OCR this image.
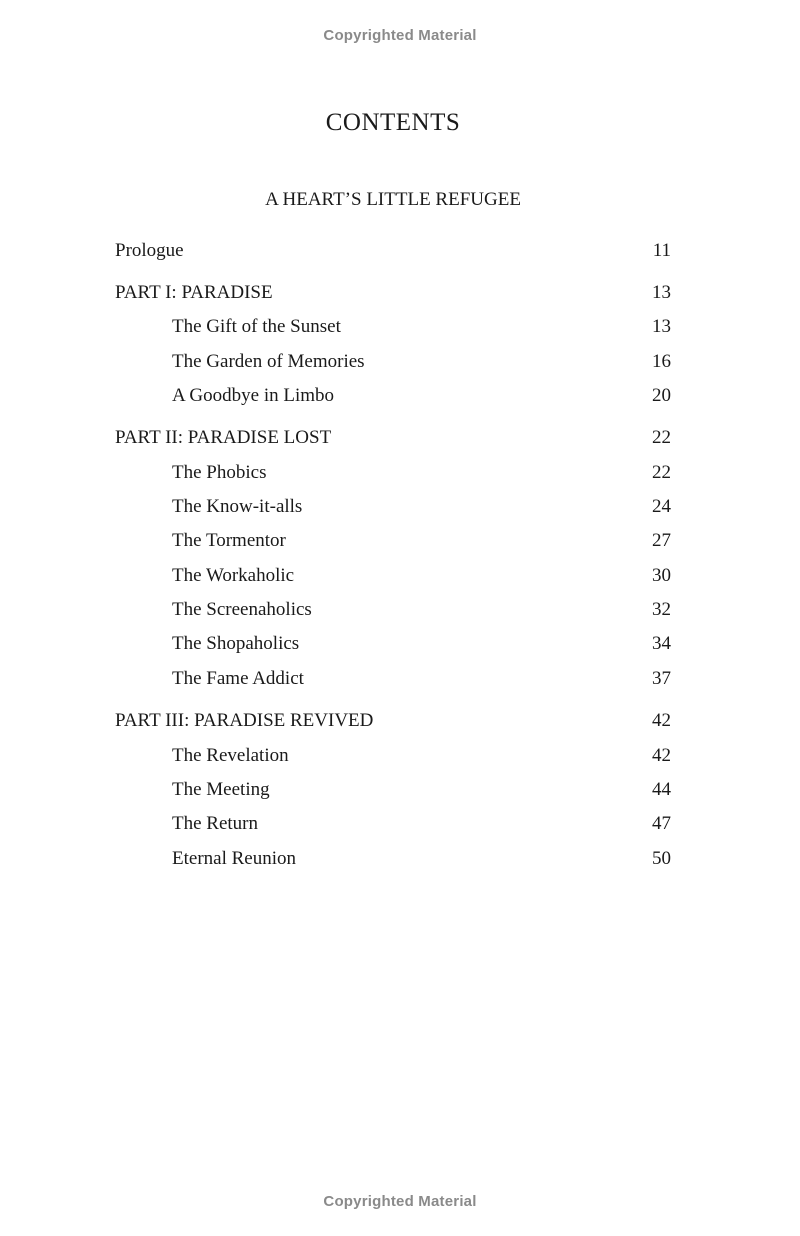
Copyrighted Material
CONTENTS
A HEART’S LITTLE REFUGEE
Prologue	11
PART I: PARADISE	13
The Gift of the Sunset	13
The Garden of Memories	16
A Goodbye in Limbo	20
PART II: PARADISE LOST	22
The Phobics	22
The Know-it-alls	24
The Tormentor	27
The Workaholic	30
The Screenaholics	32
The Shopaholics	34
The Fame Addict	37
PART III: PARADISE REVIVED	42
The Revelation	42
The Meeting	44
The Return	47
Eternal Reunion	50
Copyrighted Material
